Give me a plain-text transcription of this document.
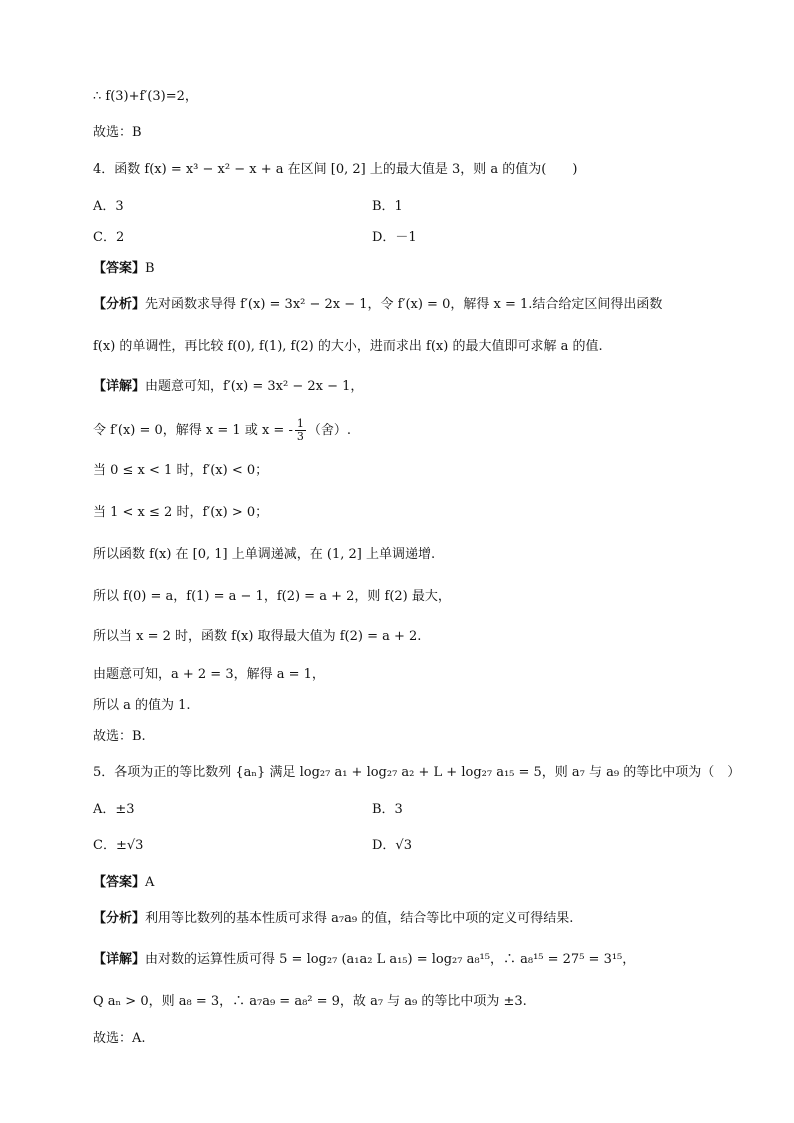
∴ f(3)+f′(3)=2，
故选：B
4．函数 f(x) = x³ − x² − x + a 在区间 [0, 2] 上的最大值是 3，则 a 的值为(　　)
A．3	B．1
C．2	D．－1
【答案】B
【分析】先对函数求导得 f′(x) = 3x² − 2x − 1，令 f′(x) = 0，解得 x = 1.结合给定区间得出函数
f(x) 的单调性，再比较 f(0), f(1), f(2) 的大小，进而求出 f(x) 的最大值即可求解 a 的值.
【详解】由题意可知，f′(x) = 3x² − 2x − 1，
令 f′(x) = 0，解得 x = 1 或 x = - $\frac{1}{3}$ （舍）.
当 0 ≤ x < 1 时，f′(x) < 0；
当 1 < x ≤ 2 时，f′(x) > 0；
所以函数 f(x) 在 [0, 1] 上单调递减，在 (1, 2] 上单调递增.
所以 f(0) = a，f(1) = a − 1，f(2) = a + 2，则 f(2) 最大，
所以当 x = 2 时，函数 f(x) 取得最大值为 f(2) = a + 2.
由题意可知，a + 2 = 3，解得 a = 1，
所以 a 的值为 1.
故选：B.
5．各项为正的等比数列 {aₙ} 满足 log₂₇ a₁ + log₂₇ a₂ + L + log₂₇ a₁₅ = 5，则 a₇ 与 a₉ 的等比中项为（　）
A．±3	B．3
C．±√3	D．√3
【答案】A
【分析】利用等比数列的基本性质可求得 a₇a₉ 的值，结合等比中项的定义可得结果.
【详解】由对数的运算性质可得 5 = log₂₇ (a₁a₂ L a₁₅) = log₂₇ a₈¹⁵，∴ a₈¹⁵ = 27⁵ = 3¹⁵，
Q aₙ > 0，则 a₈ = 3，∴ a₇a₉ = a₈² = 9，故 a₇ 与 a₉ 的等比中项为 ±3.
故选：A.
